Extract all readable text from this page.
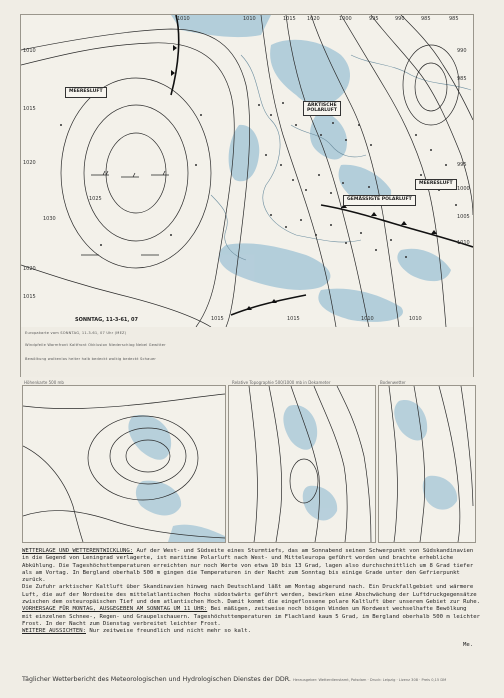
MEERESLUFT
ARKTISCHE
POLARLUFT
MEERESLUFT
GEMÄSSIGTE POLARLUFT
1010	1010	1015 1020	1000	995	990	985	985
1010
1015
1020
1025
1030
1020
1015
990
985
995
1000
1005
1010
1015	1015	1010	1010
SONNTAG, 11-3-61, 07
Europakarte vom SONNTAG, 11-3-61, 07 Uhr (MEZ)
Windpfeile Warmfront Kaltfront Okklusion Niederschlag Nebel Gewitter
Bewölkung wolkenlos heiter halb bedeckt wolkig bedeckt Schauer
Höhenkarte 500 mb	Relative Topographie 500/1000 mb in Dekameter	Bodenwetter

WETTERLAGE UND WETTERENTWICKLUNG: Auf der West- und Südseite eines Sturmtiefs, das am Sonnabend seinen Schwerpunkt von Südskandinavien in die Gegend von Leningrad verlagerte, ist maritime Polarluft nach West- und Mitteleuropa geführt worden und brachte erhebliche Abkühlung. Die Tageshöchsttemperaturen erreichten nur noch Werte von etwa 10 bis 13 Grad, lagen also durchschnittlich um 8 Grad tiefer als am Vortag. In Bergland oberhalb 500 m gingen die Temperaturen in der Nacht zum Sonntag bis einige Grade unter den Gefrierpunkt zurück.

Die Zufuhr arktischer Kaltluft über Skandinavien hinweg nach Deutschland läßt am Montag abgerund nach. Ein Druckfallgebiet und wärmere Luft, die auf der Nordseite des mittelatlantischen Hochs südostwärts geführt werden, bewirken eine Abschwächung der Luftdruckgegensätze zwischen dem osteuropäischen Tief und dem atlantischen Hoch. Damit kommt die eingeflossene polare Kaltluft über unserem Gebiet zur Ruhe.

VORHERSAGE FÜR MONTAG, AUSGEGEBEN AM SONNTAG UM 11 UHR: Bei mäßigen, zeitweise noch böigen Winden um Nordwest wechselhafte Bewölkung mit einzelnen Schnee-, Regen- und Graupelschauern. Tageshöchsttemperaturen im Flachland kaum 5 Grad, im Bergland oberhalb 500 m leichter Frost. In der Nacht zum Dienstag verbreitet leichter Frost.

WEITERE AUSSICHTEN: Nur zeitweise freundlich und nicht mehr so kalt.

Me.
Täglicher Wetterbericht des Meteorologischen und Hydrologischen Dienstes der DDR. Herausgeber: Wetterdienstamt, Potsdam · Druck: Leipzig · Lizenz 308 · Preis 0,15 DM
